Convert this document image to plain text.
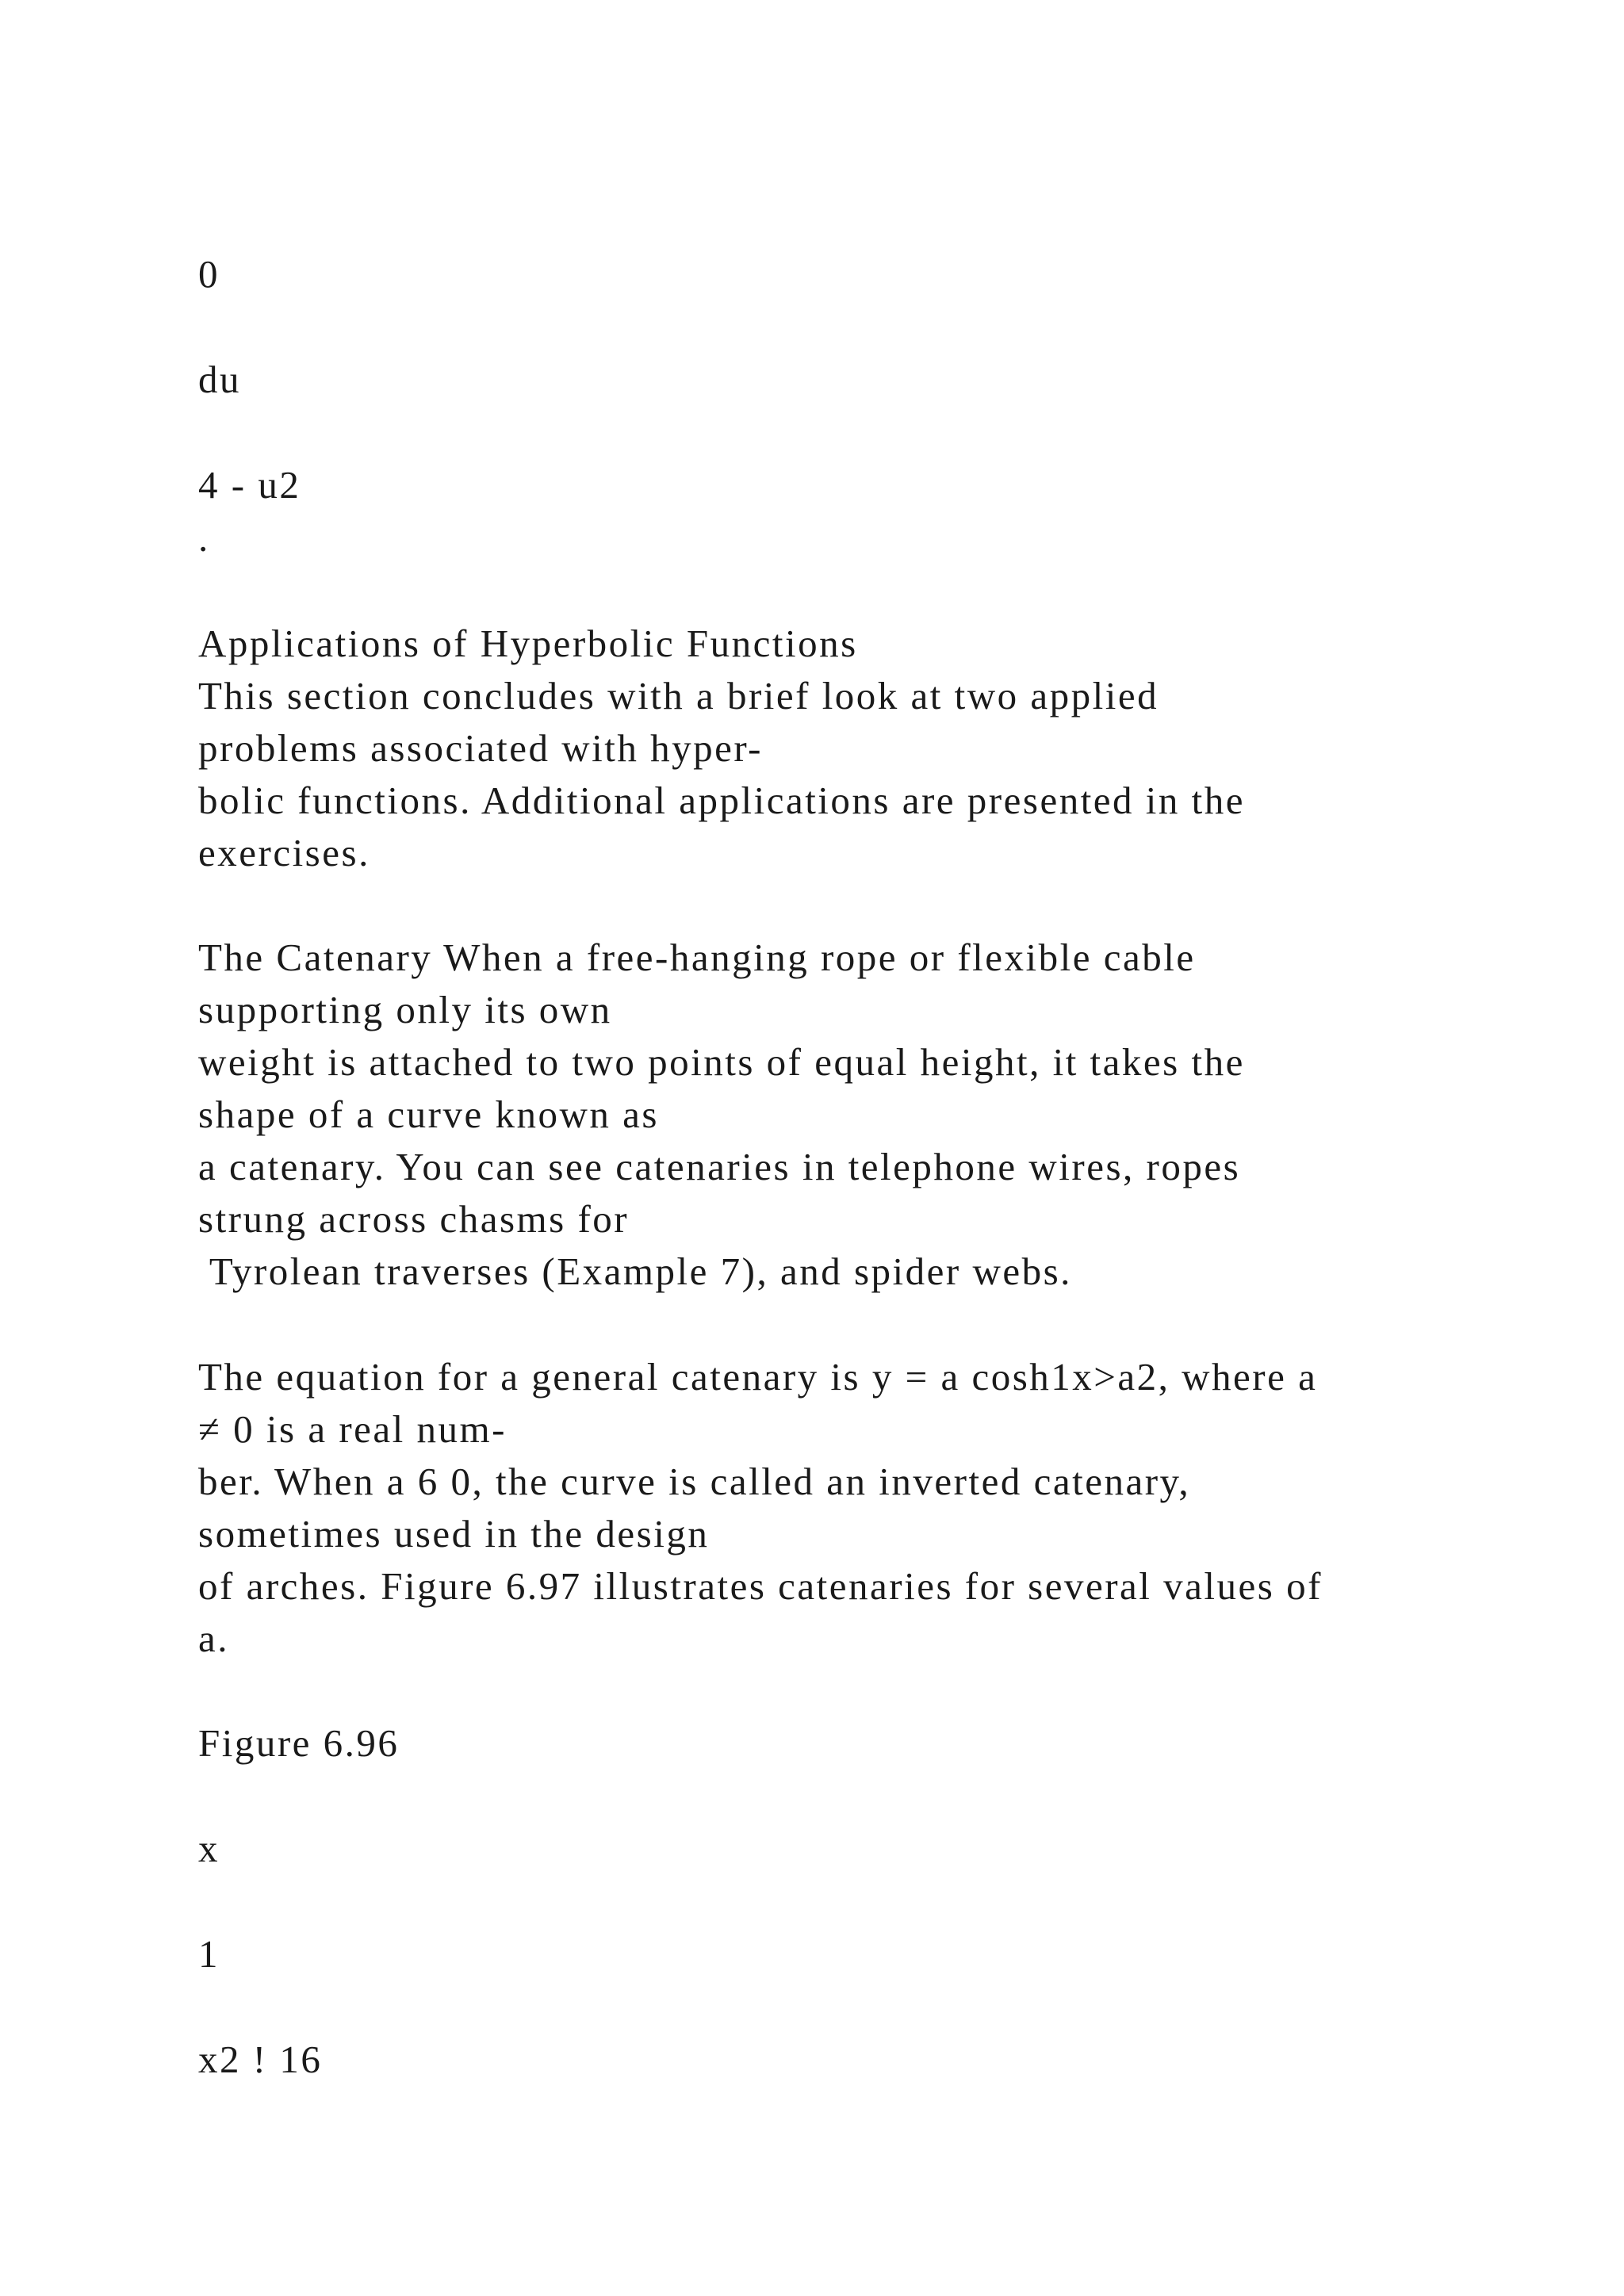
0

du

4 - u2

.

Applications of Hyperbolic Functions

This section concludes with a brief look at two applied

problems associated with hyper-

bolic functions. Additional applications are presented in the

exercises.

The Catenary When a free-hanging rope or flexible cable

supporting only its own

weight is attached to two points of equal height, it takes the

shape of a curve known as

a catenary. You can see catenaries in telephone wires, ropes

strung across chasms for

Tyrolean traverses (Example 7), and spider webs.

The equation for a general catenary is y = a cosh1x>a2, where a

≠ 0 is a real num-

ber. When a 6 0, the curve is called an inverted catenary,

sometimes used in the design

of arches. Figure 6.97 illustrates catenaries for several values of

a.

Figure 6.96

x

1

x2 ! 16
